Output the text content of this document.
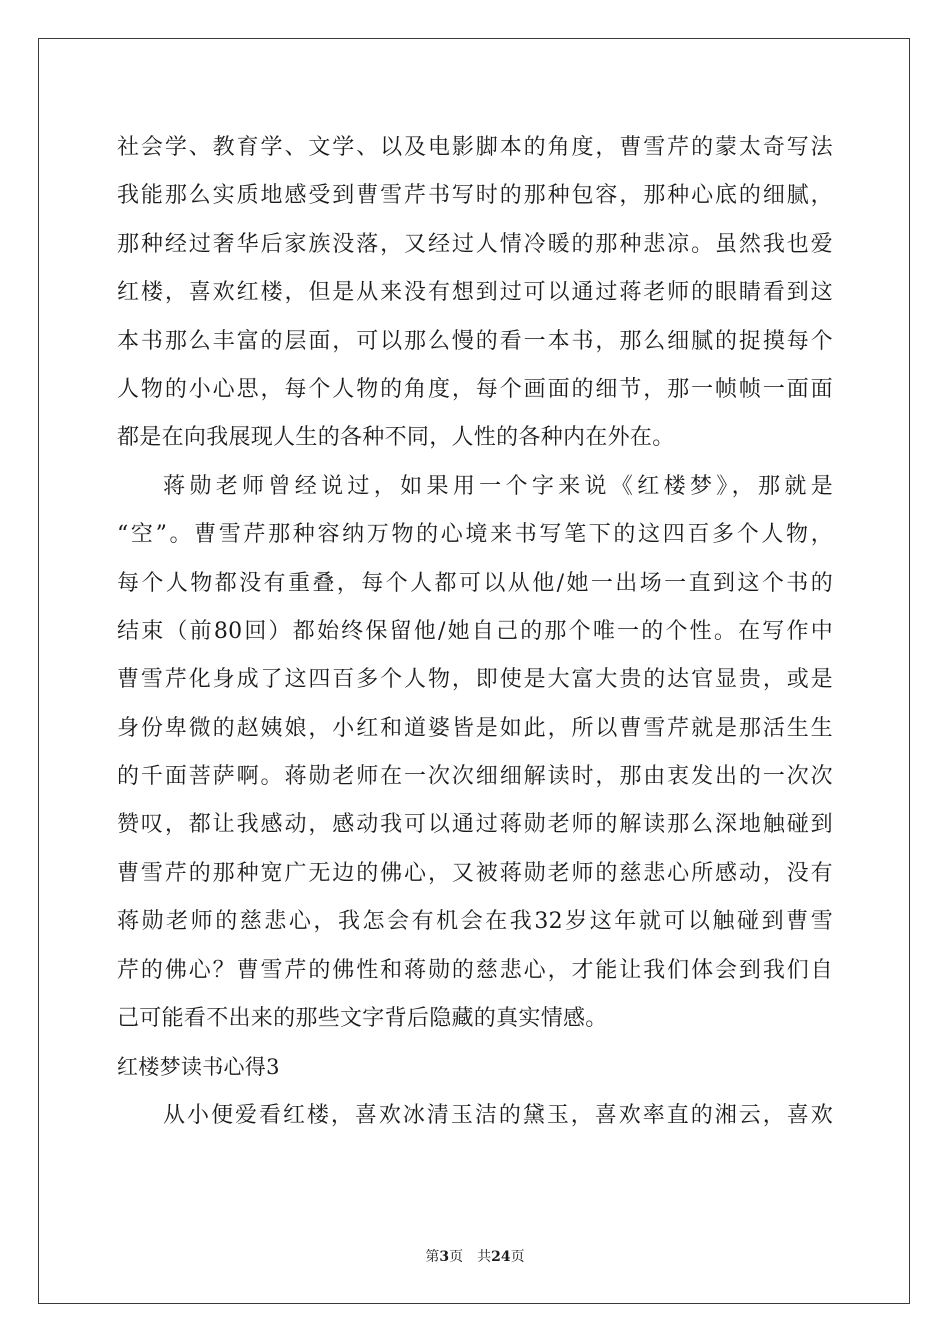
社会学、教育学、文学、以及电影脚本的角度，曹雪芹的蒙太奇写法
我能那么实质地感受到曹雪芹书写时的那种包容，那种心底的细腻，
那种经过奢华后家族没落，又经过人情冷暖的那种悲凉。虽然我也爱
红楼，喜欢红楼，但是从来没有想到过可以通过蒋老师的眼睛看到这
本书那么丰富的层面，可以那么慢的看一本书，那么细腻的捉摸每个
人物的小心思，每个人物的角度，每个画面的细节，那一帧帧一面面
都是在向我展现人生的各种不同，人性的各种内在外在。
蒋勋老师曾经说过，如果用一个字来说《红楼梦》，那就是
“空”。曹雪芹那种容纳万物的心境来书写笔下的这四百多个人物，
每个人物都没有重叠，每个人都可以从他/她一出场一直到这个书的
结束（前80回）都始终保留他/她自己的那个唯一的个性。在写作中
曹雪芹化身成了这四百多个人物，即使是大富大贵的达官显贵，或是
身份卑微的赵姨娘，小红和道婆皆是如此，所以曹雪芹就是那活生生
的千面菩萨啊。蒋勋老师在一次次细细解读时，那由衷发出的一次次
赞叹，都让我感动，感动我可以通过蒋勋老师的解读那么深地触碰到
曹雪芹的那种宽广无边的佛心，又被蒋勋老师的慈悲心所感动，没有
蒋勋老师的慈悲心，我怎会有机会在我32岁这年就可以触碰到曹雪
芹的佛心？曹雪芹的佛性和蒋勋的慈悲心，才能让我们体会到我们自
己可能看不出来的那些文字背后隐藏的真实情感。
红楼梦读书心得3
从小便爱看红楼，喜欢冰清玉洁的黛玉，喜欢率直的湘云，喜欢
第3页 共24页
